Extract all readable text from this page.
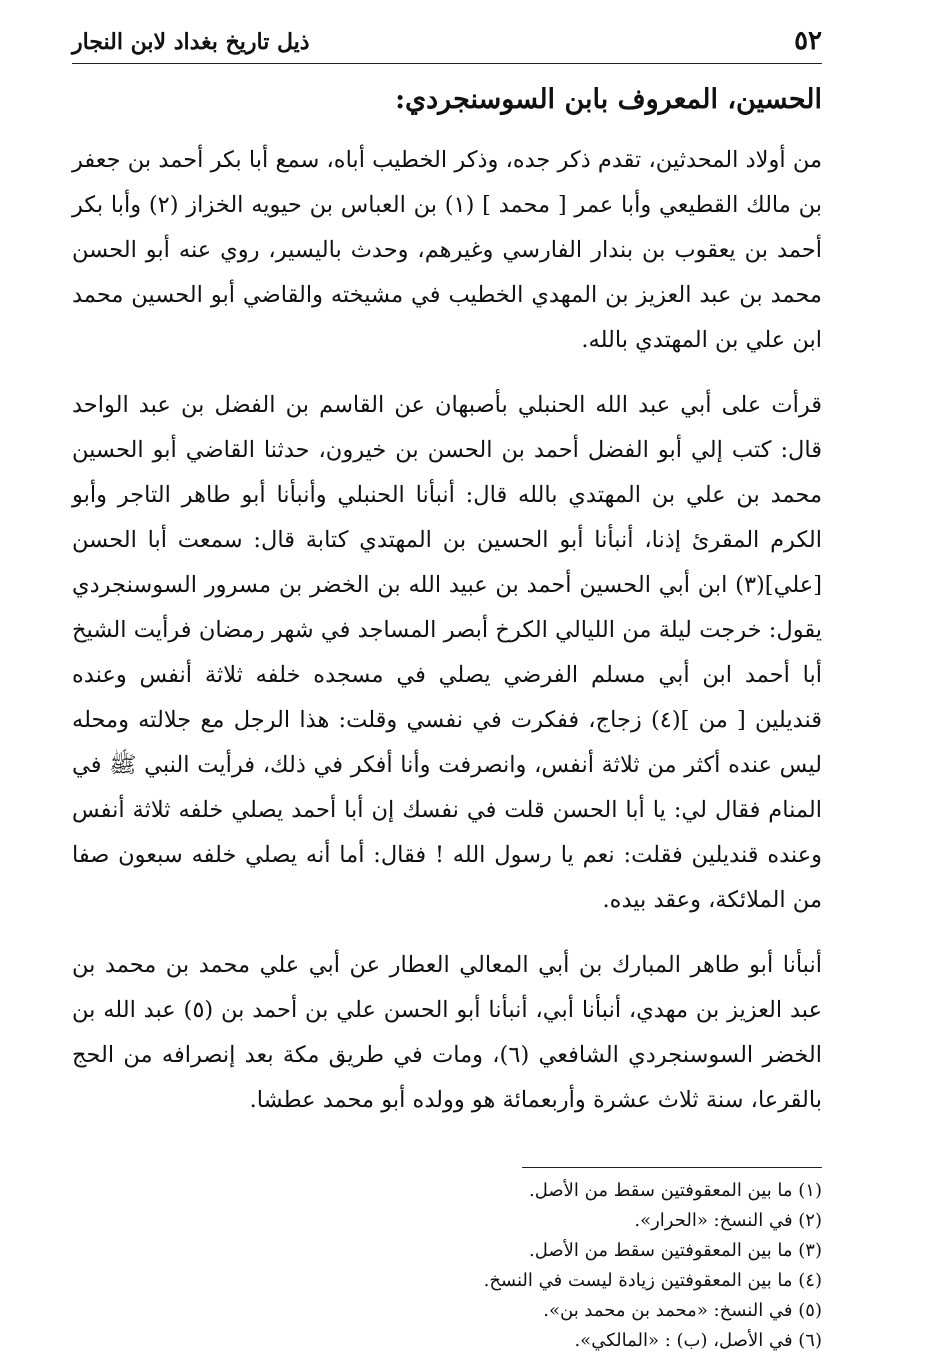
٥٢
ذيل تاريخ بغداد لابن النجار
الحسين، المعروف بابن السوسنجردي:
من أولاد المحدثين، تقدم ذكر جده، وذكر الخطيب أباه، سمع أبا بكر أحمد بن جعفر بن مالك القطيعي وأبا عمر [ محمد ] (١) بن العباس بن حيويه الخزاز (٢) وأبا بكر أحمد بن يعقوب بن بندار الفارسي وغيرهم، وحدث باليسير، روي عنه أبو الحسن محمد بن عبد العزيز بن المهدي الخطيب في مشيخته والقاضي أبو الحسين محمد ابن علي بن المهتدي بالله.
قرأت على أبي عبد الله الحنبلي بأصبهان عن القاسم بن الفضل بن عبد الواحد قال: كتب إلي أبو الفضل أحمد بن الحسن بن خيرون، حدثنا القاضي أبو الحسين محمد بن علي بن المهتدي بالله قال: أنبأنا الحنبلي وأنبأنا أبو طاهر التاجر وأبو الكرم المقرئ إذنا، أنبأنا أبو الحسين بن المهتدي كتابة قال: سمعت أبا الحسن [علي](٣) ابن أبي الحسين أحمد بن عبيد الله بن الخضر بن مسرور السوسنجردي يقول: خرجت ليلة من الليالي الكرخ أبصر المساجد في شهر رمضان فرأيت الشيخ أبا أحمد ابن أبي مسلم الفرضي يصلي في مسجده خلفه ثلاثة أنفس وعنده قنديلين [ من ](٤) زجاج، ففكرت في نفسي وقلت: هذا الرجل مع جلالته ومحله ليس عنده أكثر من ثلاثة أنفس، وانصرفت وأنا أفكر في ذلك، فرأيت النبي ﷺ في المنام فقال لي: يا أبا الحسن قلت في نفسك إن أبا أحمد يصلي خلفه ثلاثة أنفس وعنده قنديلين فقلت: نعم يا رسول الله ! فقال: أما أنه يصلي خلفه سبعون صفا من الملائكة، وعقد بيده.
أنبأنا أبو طاهر المبارك بن أبي المعالي العطار عن أبي علي محمد بن محمد بن عبد العزيز بن مهدي، أنبأنا أبي، أنبأنا أبو الحسن علي بن أحمد بن (٥) عبد الله بن الخضر السوسنجردي الشافعي (٦)، ومات في طريق مكة بعد إنصرافه من الحج بالقرعا، سنة ثلاث عشرة وأربعمائة هو وولده أبو محمد عطشا.
(١) ما بين المعقوفتين سقط من الأصل.
(٢) في النسخ: «الحرار».
(٣) ما بين المعقوفتين سقط من الأصل.
(٤) ما بين المعقوفتين زيادة ليست في النسخ.
(٥) في النسخ: «محمد بن محمد بن».
(٦) في الأصل، (ب) : «المالكي».
